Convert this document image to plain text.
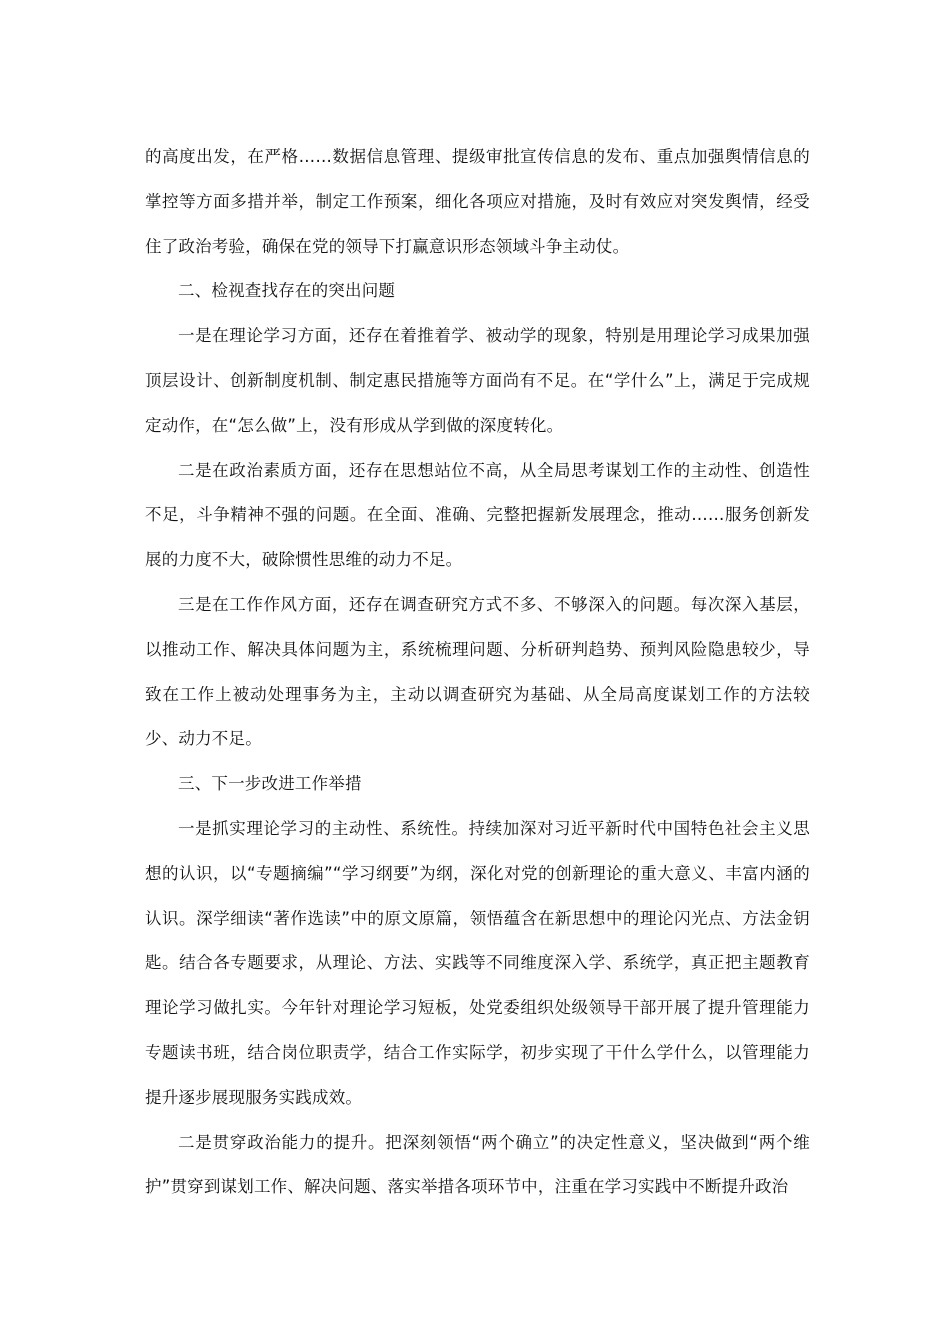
的高度出发，在严格……数据信息管理、提级审批宣传信息的发布、重点加强舆情信息的掌控等方面多措并举，制定工作预案，细化各项应对措施，及时有效应对突发舆情，经受住了政治考验，确保在党的领导下打赢意识形态领域斗争主动仗。

二、检视查找存在的突出问题

一是在理论学习方面，还存在着推着学、被动学的现象，特别是用理论学习成果加强顶层设计、创新制度机制、制定惠民措施等方面尚有不足。在“学什么”上，满足于完成规定动作，在“怎么做”上，没有形成从学到做的深度转化。

二是在政治素质方面，还存在思想站位不高，从全局思考谋划工作的主动性、创造性不足，斗争精神不强的问题。在全面、准确、完整把握新发展理念，推动……服务创新发展的力度不大，破除惯性思维的动力不足。

三是在工作作风方面，还存在调查研究方式不多、不够深入的问题。每次深入基层，以推动工作、解决具体问题为主，系统梳理问题、分析研判趋势、预判风险隐患较少，导致在工作上被动处理事务为主，主动以调查研究为基础、从全局高度谋划工作的方法较少、动力不足。

三、下一步改进工作举措

一是抓实理论学习的主动性、系统性。持续加深对习近平新时代中国特色社会主义思想的认识，以“专题摘编”“学习纲要”为纲，深化对党的创新理论的重大意义、丰富内涵的认识。深学细读“著作选读”中的原文原篇，领悟蕴含在新思想中的理论闪光点、方法金钥匙。结合各专题要求，从理论、方法、实践等不同维度深入学、系统学，真正把主题教育理论学习做扎实。今年针对理论学习短板，处党委组织处级领导干部开展了提升管理能力专题读书班，结合岗位职责学，结合工作实际学，初步实现了干什么学什么，以管理能力提升逐步展现服务实践成效。

二是贯穿政治能力的提升。把深刻领悟“两个确立”的决定性意义，坚决做到“两个维护”贯穿到谋划工作、解决问题、落实举措各项环节中，注重在学习实践中不断提升政治
